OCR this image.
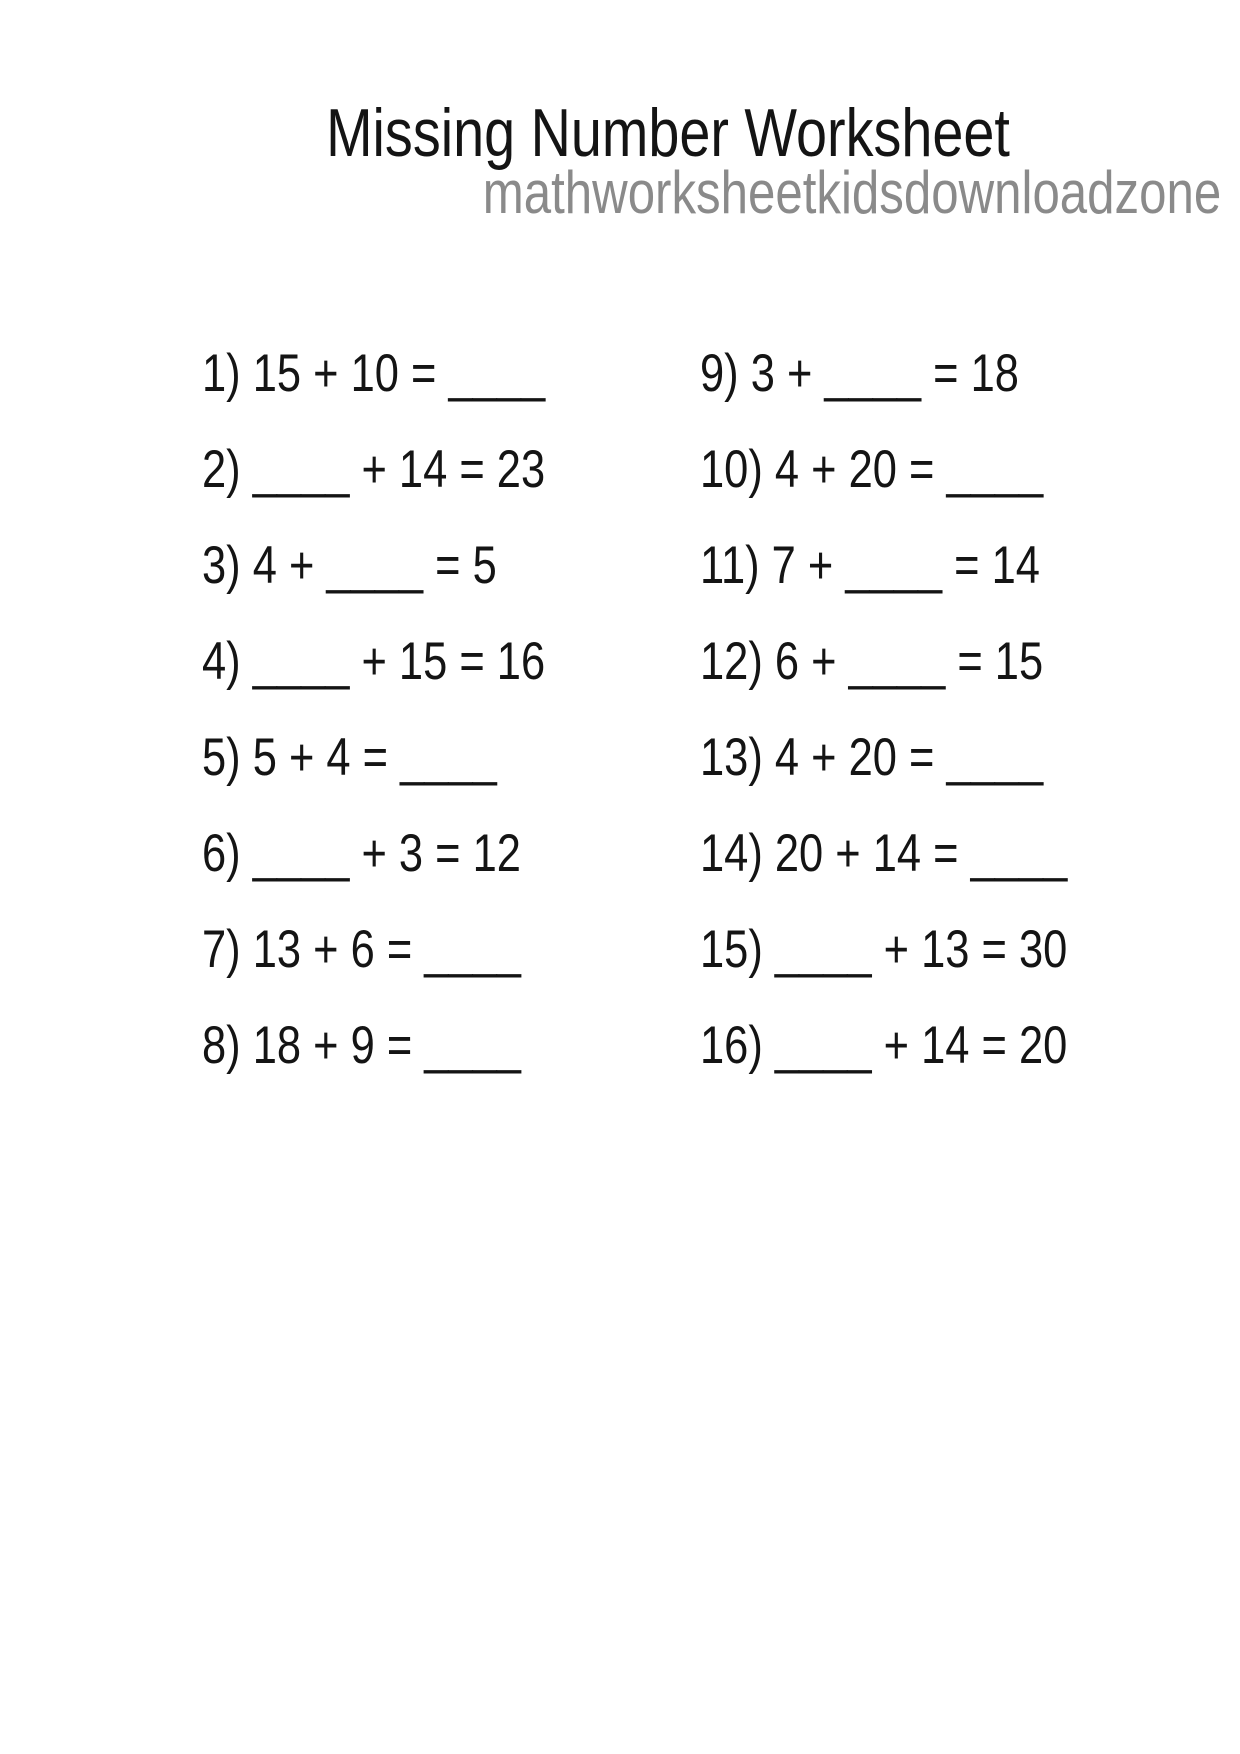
Missing Number Worksheet
mathworksheetkidsdownloadzone
1) 15 + 10 = ____
2) ____ + 14 = 23
3) 4 + ____ = 5
4) ____ + 15 = 16
5) 5 + 4 = ____
6) ____ + 3 = 12
7) 13 + 6 = ____
8) 18 + 9 = ____
9) 3 + ____ = 18
10) 4 + 20 = ____
11) 7 + ____ = 14
12) 6 + ____ = 15
13) 4 + 20 = ____
14) 20 + 14 = ____
15) ____ + 13 = 30
16) ____ + 14 = 20
